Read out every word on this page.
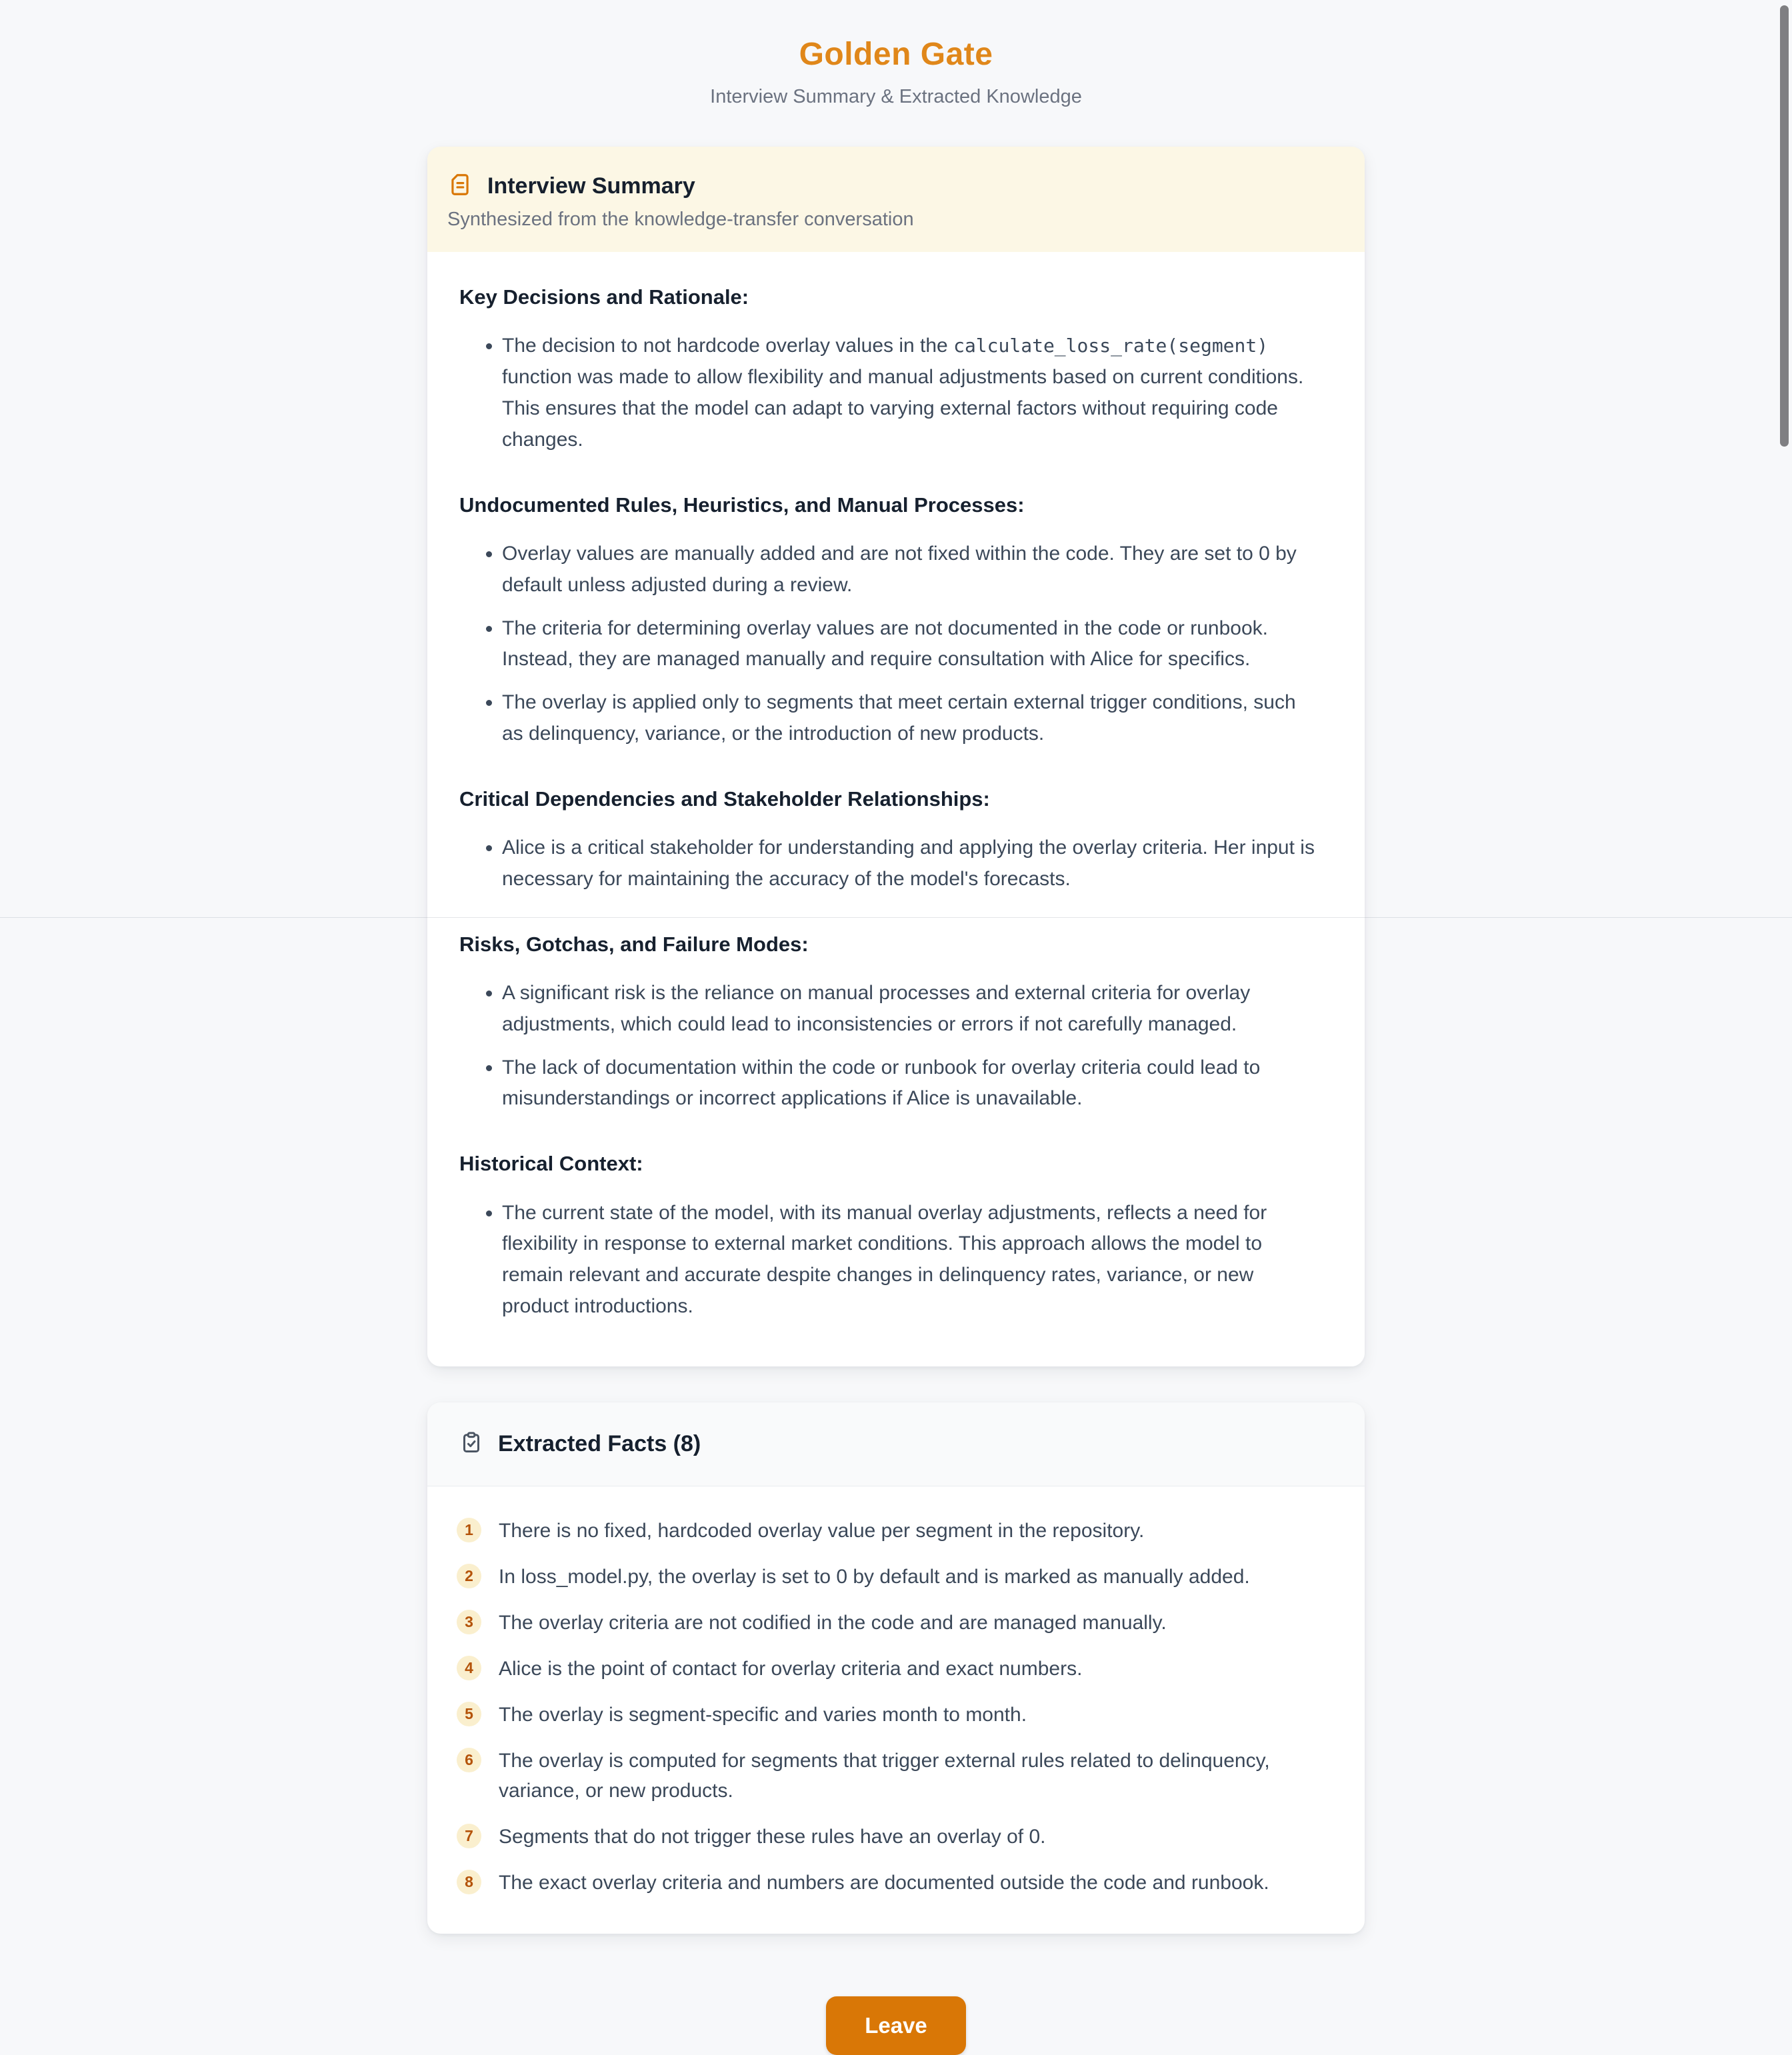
Golden Gate

Interview Summary & Extracted Knowledge

Interview Summary

Synthesized from the knowledge-transfer conversation

Key Decisions and Rationale:
• The decision to not hardcode overlay values in the calculate_loss_rate(segment) function was made to allow flexibility and manual adjustments based on current conditions. This ensures that the model can adapt to varying external factors without requiring code changes.
Undocumented Rules, Heuristics, and Manual Processes:
• Overlay values are manually added and are not fixed within the code. They are set to 0 by default unless adjusted during a review.
• The criteria for determining overlay values are not documented in the code or runbook. Instead, they are managed manually and require consultation with Alice for specifics.
• The overlay is applied only to segments that meet certain external trigger conditions, such as delinquency, variance, or the introduction of new products.
Critical Dependencies and Stakeholder Relationships:
• Alice is a critical stakeholder for understanding and applying the overlay criteria. Her input is necessary for maintaining the accuracy of the model's forecasts.
Risks, Gotchas, and Failure Modes:
• A significant risk is the reliance on manual processes and external criteria for overlay adjustments, which could lead to inconsistencies or errors if not carefully managed.
• The lack of documentation within the code or runbook for overlay criteria could lead to misunderstandings or incorrect applications if Alice is unavailable.
Historical Context:
• The current state of the model, with its manual overlay adjustments, reflects a need for flexibility in response to external market conditions. This approach allows the model to remain relevant and accurate despite changes in delinquency rates, variance, or new product introductions.
Extracted Facts (8)
1	There is no fixed, hardcoded overlay value per segment in the repository.

2	In loss_model.py, the overlay is set to 0 by default and is marked as manually added.

3	The overlay criteria are not codified in the code and are managed manually.

4	Alice is the point of contact for overlay criteria and exact numbers.

5	The overlay is segment-specific and varies month to month.

6	The overlay is computed for segments that trigger external rules related to delinquency, variance, or new products.

7	Segments that do not trigger these rules have an overlay of 0.

8	The exact overlay criteria and numbers are documented outside the code and runbook.

Leave
